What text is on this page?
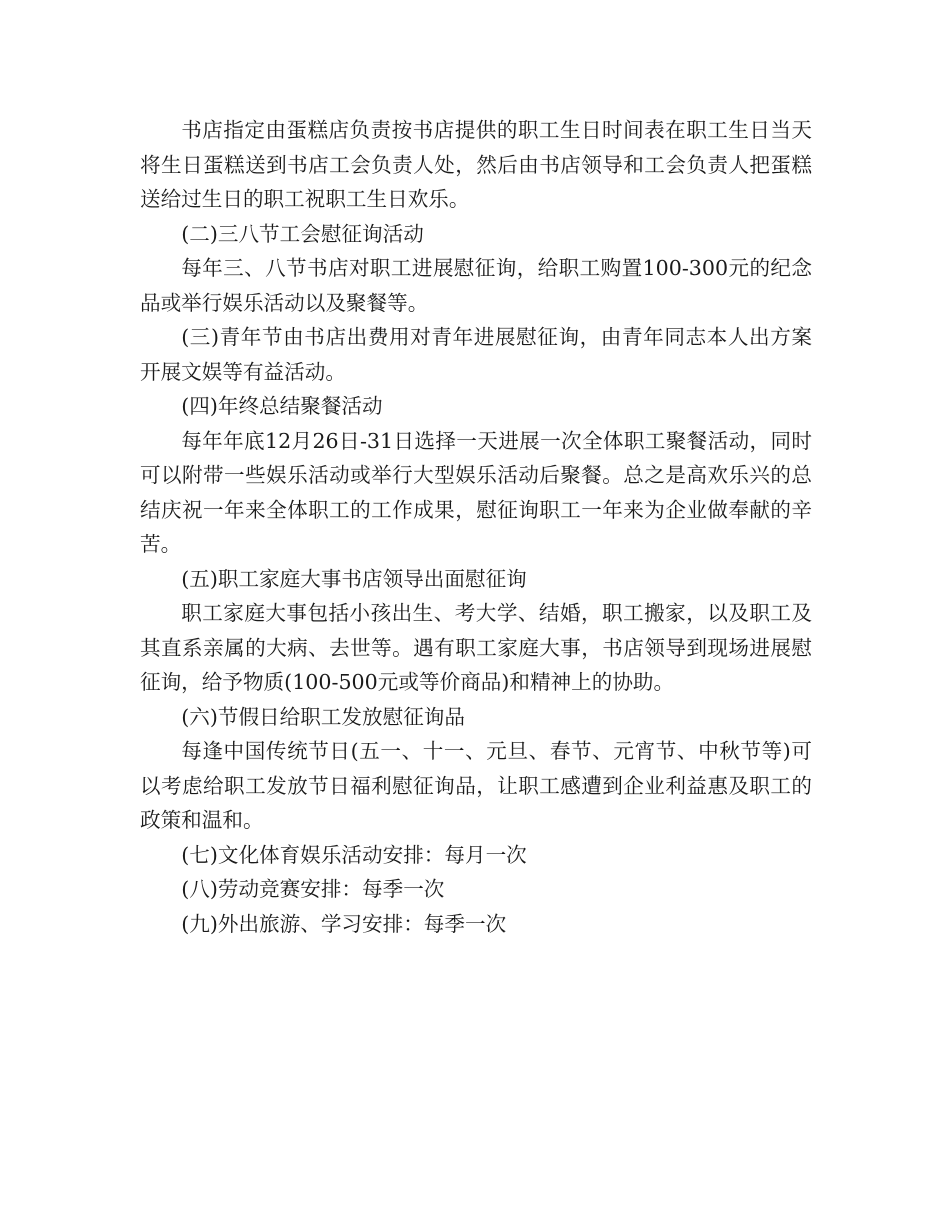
书店指定由蛋糕店负责按书店提供的职工生日时间表在职工生日当天将生日蛋糕送到书店工会负责人处，然后由书店领导和工会负责人把蛋糕送给过生日的职工祝职工生日欢乐。

(二)三八节工会慰征询活动

每年三、八节书店对职工进展慰征询，给职工购置100-300元的纪念品或举行娱乐活动以及聚餐等。

(三)青年节由书店出费用对青年进展慰征询，由青年同志本人出方案开展文娱等有益活动。

(四)年终总结聚餐活动

每年年底12月26日-31日选择一天进展一次全体职工聚餐活动，同时可以附带一些娱乐活动或举行大型娱乐活动后聚餐。总之是高欢乐兴的总结庆祝一年来全体职工的工作成果，慰征询职工一年来为企业做奉献的辛苦。

(五)职工家庭大事书店领导出面慰征询

职工家庭大事包括小孩出生、考大学、结婚，职工搬家，以及职工及其直系亲属的大病、去世等。遇有职工家庭大事，书店领导到现场进展慰征询，给予物质(100-500元或等价商品)和精神上的协助。

(六)节假日给职工发放慰征询品

每逢中国传统节日(五一、十一、元旦、春节、元宵节、中秋节等)可以考虑给职工发放节日福利慰征询品，让职工感遭到企业利益惠及职工的政策和温和。

(七)文化体育娱乐活动安排：每月一次

(八)劳动竞赛安排：每季一次

(九)外出旅游、学习安排：每季一次
